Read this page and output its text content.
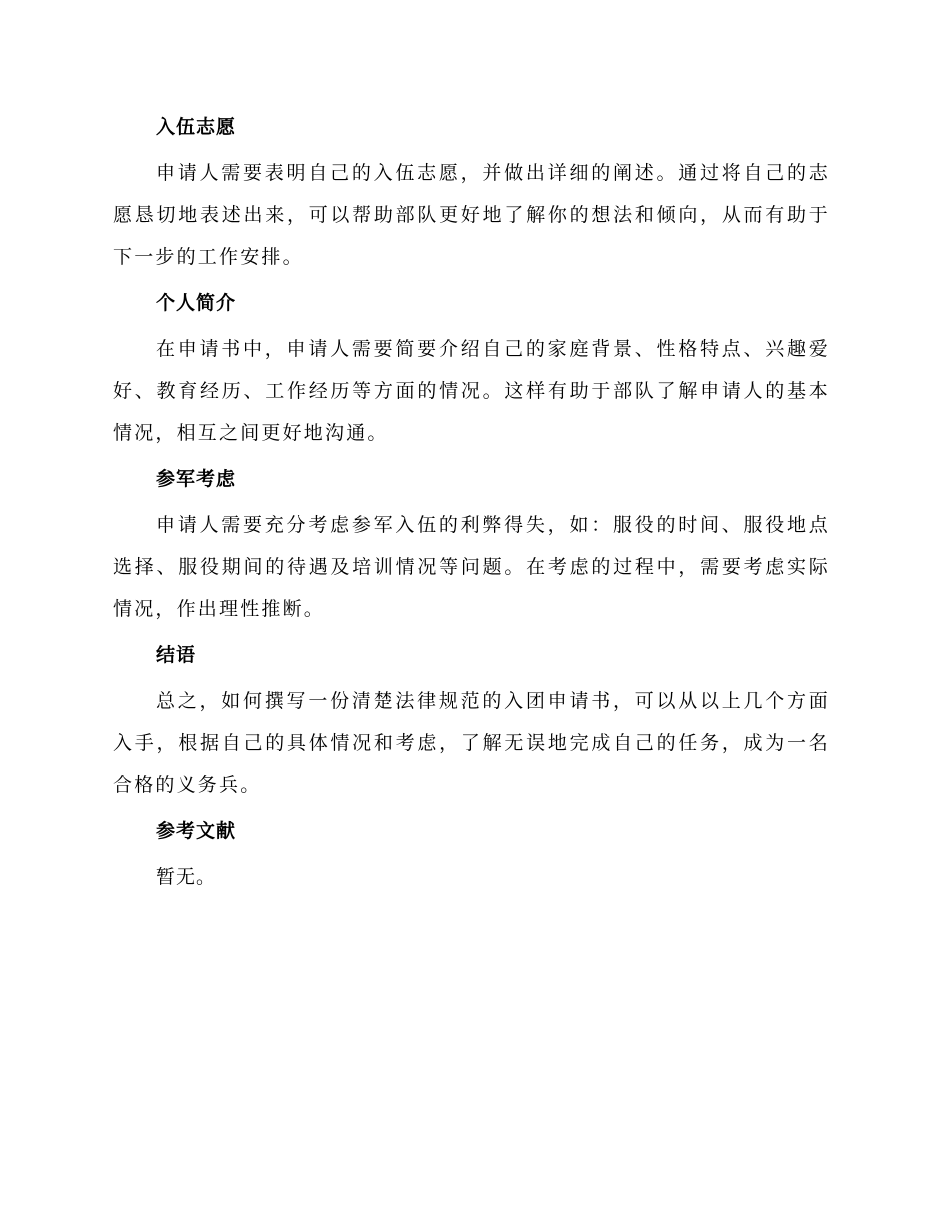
入伍志愿

申请人需要表明自己的入伍志愿，并做出详细的阐述。通过将自己的志愿恳切地表述出来，可以帮助部队更好地了解你的想法和倾向，从而有助于下一步的工作安排。

个人简介

在申请书中，申请人需要简要介绍自己的家庭背景、性格特点、兴趣爱好、教育经历、工作经历等方面的情况。这样有助于部队了解申请人的基本情况，相互之间更好地沟通。

参军考虑

申请人需要充分考虑参军入伍的利弊得失，如：服役的时间、服役地点选择、服役期间的待遇及培训情况等问题。在考虑的过程中，需要考虑实际情况，作出理性推断。

结语

总之，如何撰写一份清楚法律规范的入团申请书，可以从以上几个方面入手，根据自己的具体情况和考虑，了解无误地完成自己的任务，成为一名合格的义务兵。

参考文献

暂无。
